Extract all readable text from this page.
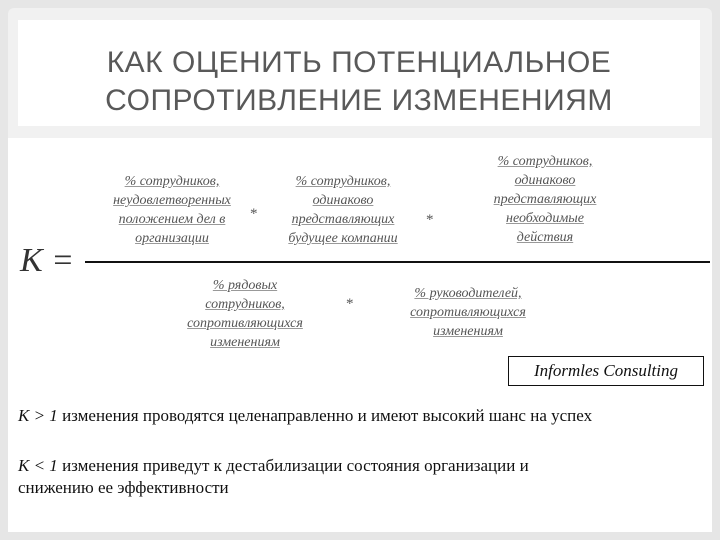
КАК ОЦЕНИТЬ ПОТЕНЦИАЛЬНОЕ
СОПРОТИВЛЕНИЕ ИЗМЕНЕНИЯМ
% сотрудников,
неудовлетворенных
положением дел в
организации
*
% сотрудников,
одинаково
представляющих
будущее компании
*
% сотрудников,
одинаково
представляющих
необходимые
действия
K =
% рядовых
сотрудников,
сопротивляющихся
изменениям
*
% руководителей,
сопротивляющихся
изменениям
Informles Consulting
K > 1 изменения проводятся целенаправленно и имеют высокий шанс на успех
K < 1 изменения приведут к дестабилизации состояния организации и
снижению ее эффективности
